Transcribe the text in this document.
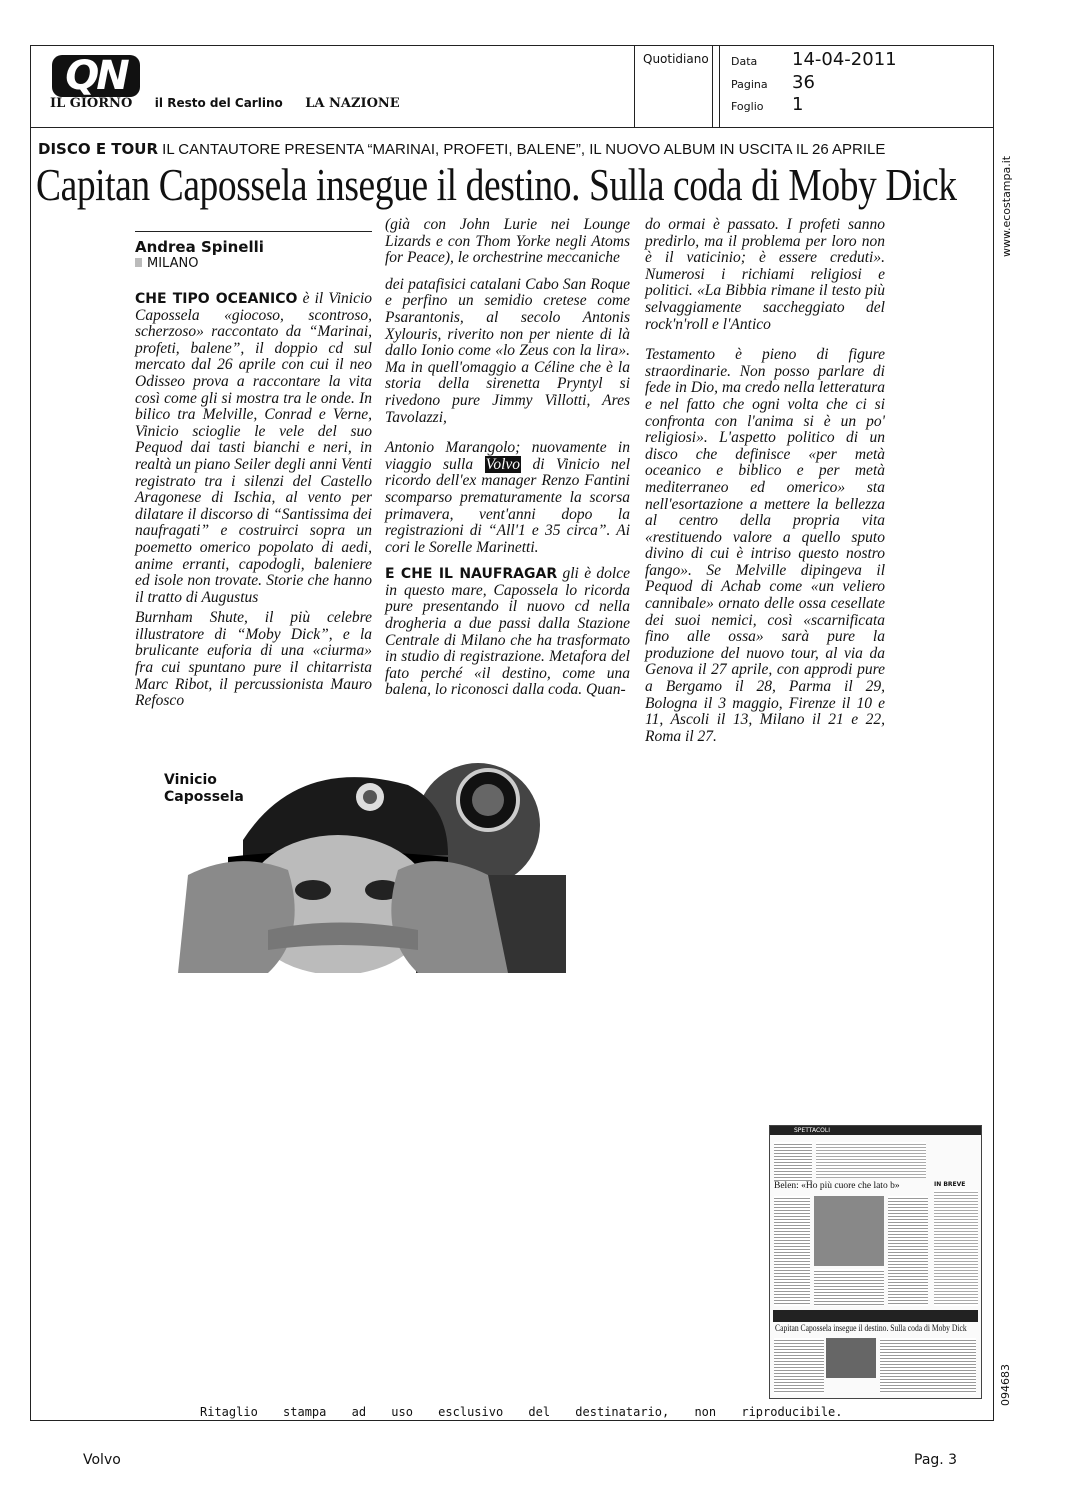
QN
IL GIORNO il Resto del Carlino LA NAZIONE
Quotidiano Data 14-04-2011
Pagina 36
Foglio 1
www.ecostampa.it
094683
DISCO E TOUR IL CANTAUTORE PRESENTA “MARINAI, PROFETI, BALENE”, IL NUOVO ALBUM IN USCITA IL 26 APRILE
Capitan Capossela insegue il destino. Sulla coda di Moby Dick
Andrea Spinelli
MILANO

CHE TIPO OCEANICO è il Vinicio Capossela «giocoso, scontroso, scherzoso» raccontato da “Marinai, profeti, balene”, il doppio cd sul mercato dal 26 aprile con cui il neo Odisseo prova a raccontare la vita così come gli si mostra tra le onde. In bilico tra Melville, Conrad e Verne, Vinicio scioglie le vele del suo Pequod dai tasti bianchi e neri, in realtà un piano Seiler degli anni Venti registrato tra i silenzi del Castello Aragonese di Ischia, al vento per dilatare il discorso di “Santissima dei naufragati” e costruirci sopra un poemetto omerico popolato di aedi, anime erranti, capodogli, baleniere ed isole non trovate. Storie che hanno il tratto di Augustus

Burnham Shute, il più celebre illustratore di “Moby Dick”, e la brulicante euforia di una «ciurma» fra cui spuntano pure il chitarrista Marc Ribot, il percussionista Mauro Refosco

(già con John Lurie nei Lounge Lizards e con Thom Yorke negli Atoms for Peace), le orchestrine meccaniche

dei patafisici catalani Cabo San Roque e perfino un semidio cretese come Psarantonis, al secolo Antonis Xylouris, riverito non per niente di là dallo Ionio come «lo Zeus con la lira». Ma in quell'omaggio a Céline che è la storia della sirenetta Pryntyl si rivedono pure Jimmy Villotti, Ares Tavolazzi,

Antonio Marangolo; nuovamente in viaggio sulla Volvo di Vinicio nel ricordo dell'ex manager Renzo Fantini scomparso prematuramente la scorsa primavera, vent'anni dopo la registrazioni di “All'1 e 35 circa”. Ai cori le Sorelle Marinetti.

E CHE IL NAUFRAGAR gli è dolce in questo mare, Capossela lo ricorda pure presentando il nuovo cd nella drogheria a due passi dalla Stazione Centrale di Milano che ha trasformato in studio di registrazione. Metafora del fato perché «il destino, come una balena, lo riconosci dalla coda. Quan-

do ormai è passato. I profeti sanno predirlo, ma il problema per loro non è il vaticinio; è essere creduti». Numerosi i richiami religiosi e politici. «La Bibbia rimane il testo più selvaggiamente saccheggiato del rock'n'roll e l'Antico

Testamento è pieno di figure straordinarie. Non posso parlare di fede in Dio, ma credo nella letteratura e nel fatto che ogni volta che ci si confronta con l'anima si è un po' religiosi». L'aspetto politico di un disco che definisce «per metà oceanico e biblico e per metà mediterraneo ed omerico» sta nell'esortazione a mettere la bellezza al centro della propria vita «restituendo valore a quello sputo divino di cui è intriso questo nostro fango». Se Melville dipingeva il Pequod di Achab come «un veliero cannibale» ornato delle ossa cesellate dei suoi nemici, così «scarnificata fino alle ossa» sarà pure la produzione del nuovo tour, al via da Genova il 27 aprile, con approdi pure a Bergamo il 28, Parma il 29, Bologna il 3 maggio, Firenze il 10 e 11, Ascoli il 13, Milano il 21 e 22, Roma il 27.

Vinicio
Capossela
SPETTACOLI
Belen: «Ho più cuore che lato b»	IN BREVE
Capitan Capossela insegue il destino. Sulla coda di Moby Dick
Ritaglio stampa ad uso esclusivo del destinatario, non riproducibile.
Volvo	Pag. 3
